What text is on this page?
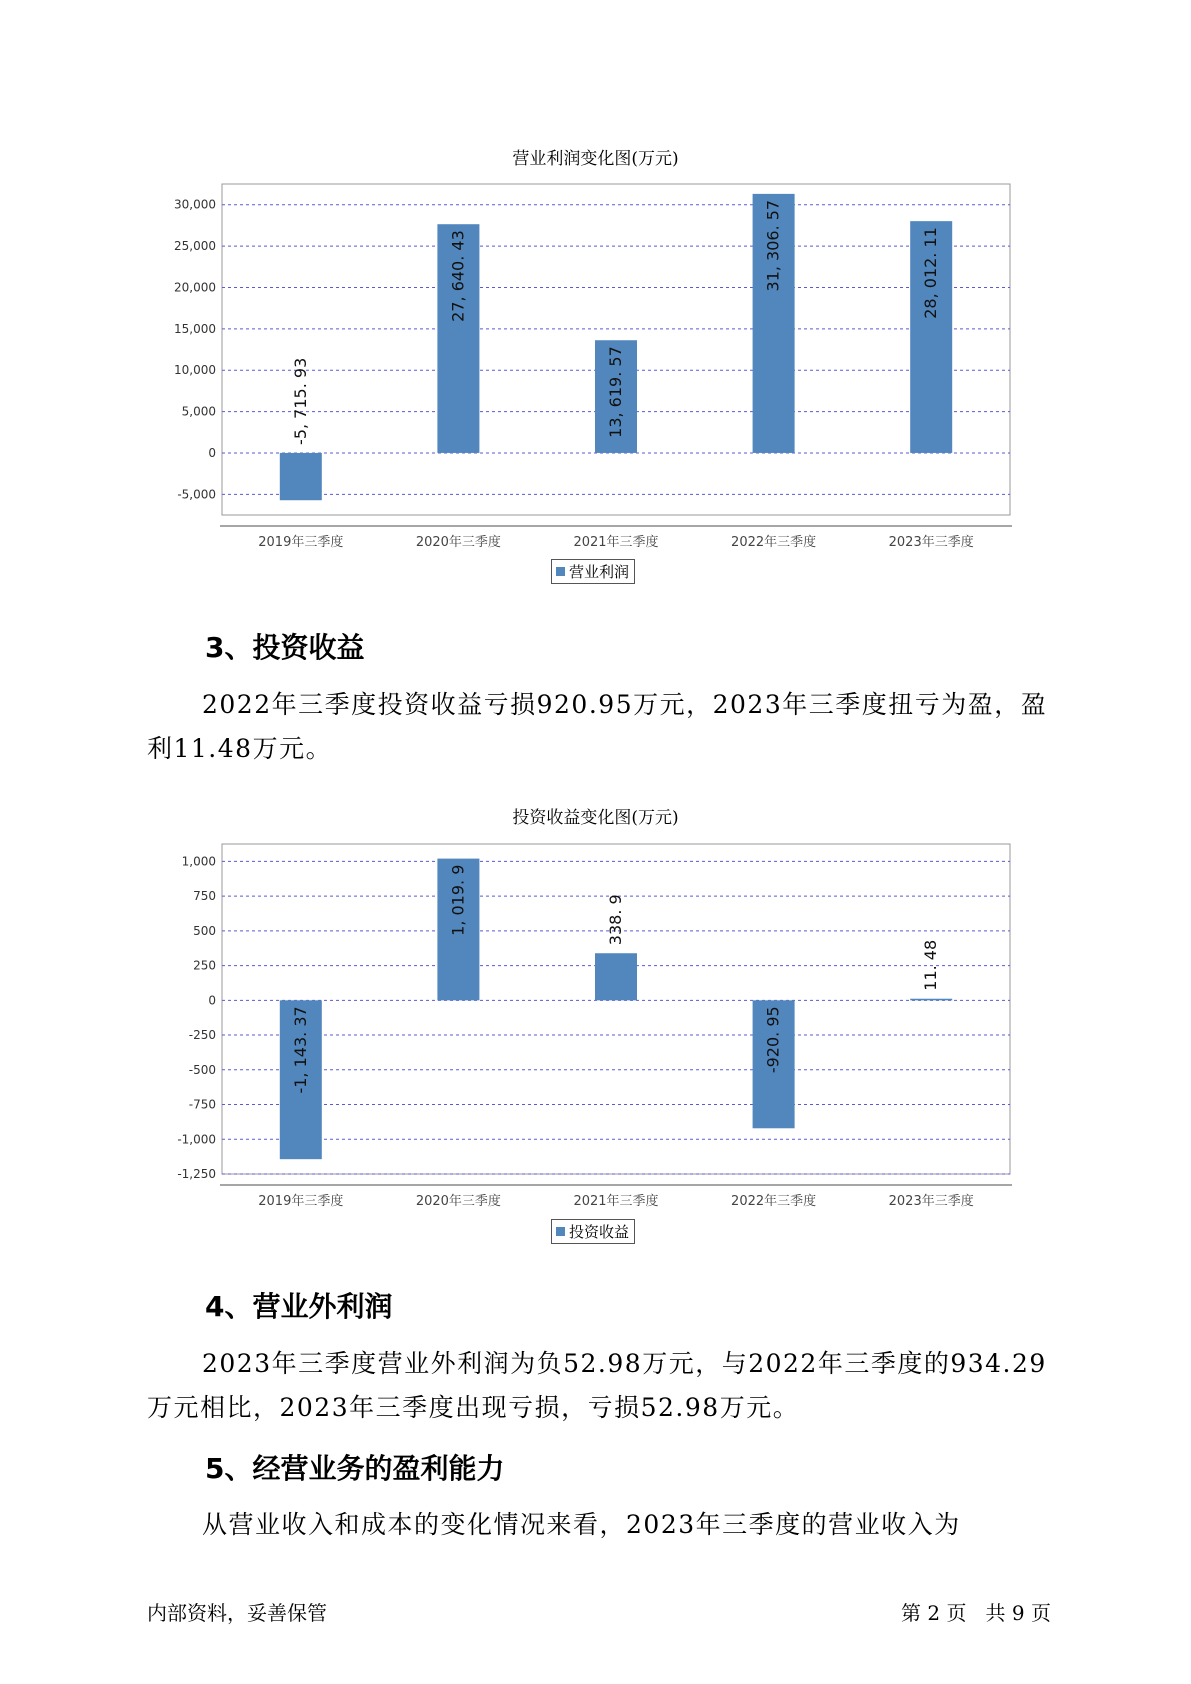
营业利润变化图(万元)
-5,000
0
5,000
10,000
15,000
20,000
25,000
30,000
-5, 715. 93
2019年三季度
27, 640. 43
2020年三季度
13, 619. 57
2021年三季度
31, 306. 57
2022年三季度
28, 012. 11
2023年三季度
营业利润
3、投资收益

2022年三季度投资收益亏损920.95万元，2023年三季度扭亏为盈，盈利11.48万元。

投资收益变化图(万元)
-1,250
-1,000
-750
-500
-250
0
250
500
750
1,000
-1, 143. 37
2019年三季度
1, 019. 9
2020年三季度
338. 9
2021年三季度
-920. 95
2022年三季度
11. 48
2023年三季度
投资收益
4、营业外利润

2023年三季度营业外利润为负52.98万元，与2022年三季度的934.29万元相比，2023年三季度出现亏损，亏损52.98万元。

5、经营业务的盈利能力

从营业收入和成本的变化情况来看，2023年三季度的营业收入为

内部资料，妥善保管	第 2 页   共 9 页
